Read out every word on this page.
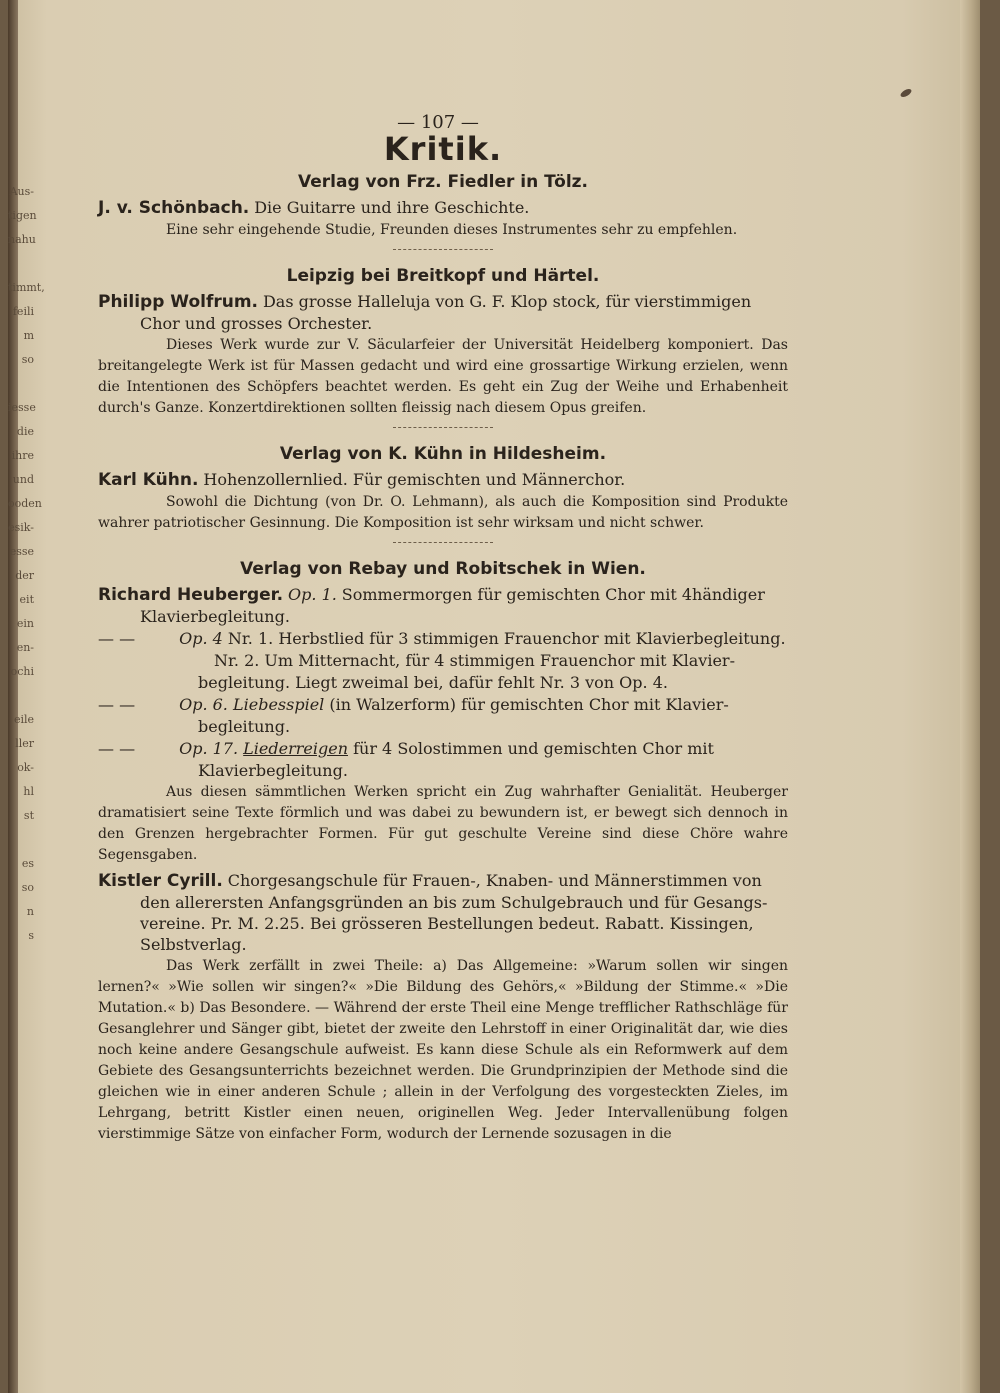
Aus-
tigen
nahu

timmt,
feili
m so

iesse
die
ihre
und
ooden
esik-
esse
der
eit
ein
en-
ochi

eile
ller
ok-
hl
st

es
so
n
s
— 107 —
Kritik.
Verlag von Frz. Fiedler in Tölz.
J. v. Schönbach. Die Guitarre und ihre Geschichte.
Eine sehr eingehende Studie, Freunden dieses Instrumentes sehr zu empfehlen.
Leipzig bei Breitkopf und Härtel.
Philipp Wolfrum. Das grosse Halleluja von G. F. Klop stock, für vierstimmigen
Chor und grosses Orchester.
Dieses Werk wurde zur V. Säcularfeier der Universität Heidelberg komponiert. Das breitangelegte Werk ist für Massen gedacht und wird eine grossartige Wirkung erzielen, wenn die Intentionen des Schöpfers beachtet werden. Es geht ein Zug der Weihe und Erhabenheit durch's Ganze. Konzertdirektionen sollten fleissig nach diesem Opus greifen.
Verlag von K. Kühn in Hildesheim.
Karl Kühn. Hohenzollernlied. Für gemischten und Männerchor.
Sowohl die Dichtung (von Dr. O. Lehmann), als auch die Komposition sind Produkte wahrer patriotischer Gesinnung. Die Komposition ist sehr wirksam und nicht schwer.
Verlag von Rebay und Robitschek in Wien.
Richard Heuberger. Op. 1. Sommermorgen für gemischten Chor mit 4händiger
Klavierbegleitung.
— —	Op. 4 Nr. 1. Herbstlied für 3 stimmigen Frauenchor mit Klavierbegleitung.
Nr. 2. Um Mitternacht, für 4 stimmigen Frauenchor mit Klavier-
begleitung. Liegt zweimal bei, dafür fehlt Nr. 3 von Op. 4.
— —	Op. 6. Liebesspiel (in Walzerform) für gemischten Chor mit Klavier-
begleitung.
— —	Op. 17. Liederreigen für 4 Solostimmen und gemischten Chor mit
Klavierbegleitung.
Aus diesen sämmtlichen Werken spricht ein Zug wahrhafter Genialität. Heuberger dramatisiert seine Texte förmlich und was dabei zu bewundern ist, er bewegt sich dennoch in den Grenzen hergebrachter Formen. Für gut geschulte Vereine sind diese Chöre wahre Segensgaben.
Kistler Cyrill. Chorgesangschule für Frauen-, Knaben- und Männerstimmen von
den allerersten Anfangsgründen an bis zum Schulgebrauch und für Gesangs-vereine. Pr. M. 2.25. Bei grösseren Bestellungen bedeut. Rabatt. Kissingen, Selbstverlag.
Das Werk zerfällt in zwei Theile: a) Das Allgemeine: »Warum sollen wir singen lernen?« »Wie sollen wir singen?« »Die Bildung des Gehörs,« »Bildung der Stimme.« »Die Mutation.« b) Das Besondere. — Während der erste Theil eine Menge trefflicher Rathschläge für Gesanglehrer und Sänger gibt, bietet der zweite den Lehrstoff in einer Originalität dar, wie dies noch keine andere Gesangschule aufweist. Es kann diese Schule als ein Reformwerk auf dem Gebiete des Gesangsunterrichts bezeichnet werden. Die Grundprinzipien der Methode sind die gleichen wie in einer anderen Schule ; allein in der Verfolgung des vorgesteckten Zieles, im Lehrgang, betritt Kistler einen neuen, originellen Weg. Jeder Intervallenübung folgen vierstimmige Sätze von einfacher Form, wodurch der Lernende sozusagen in die
